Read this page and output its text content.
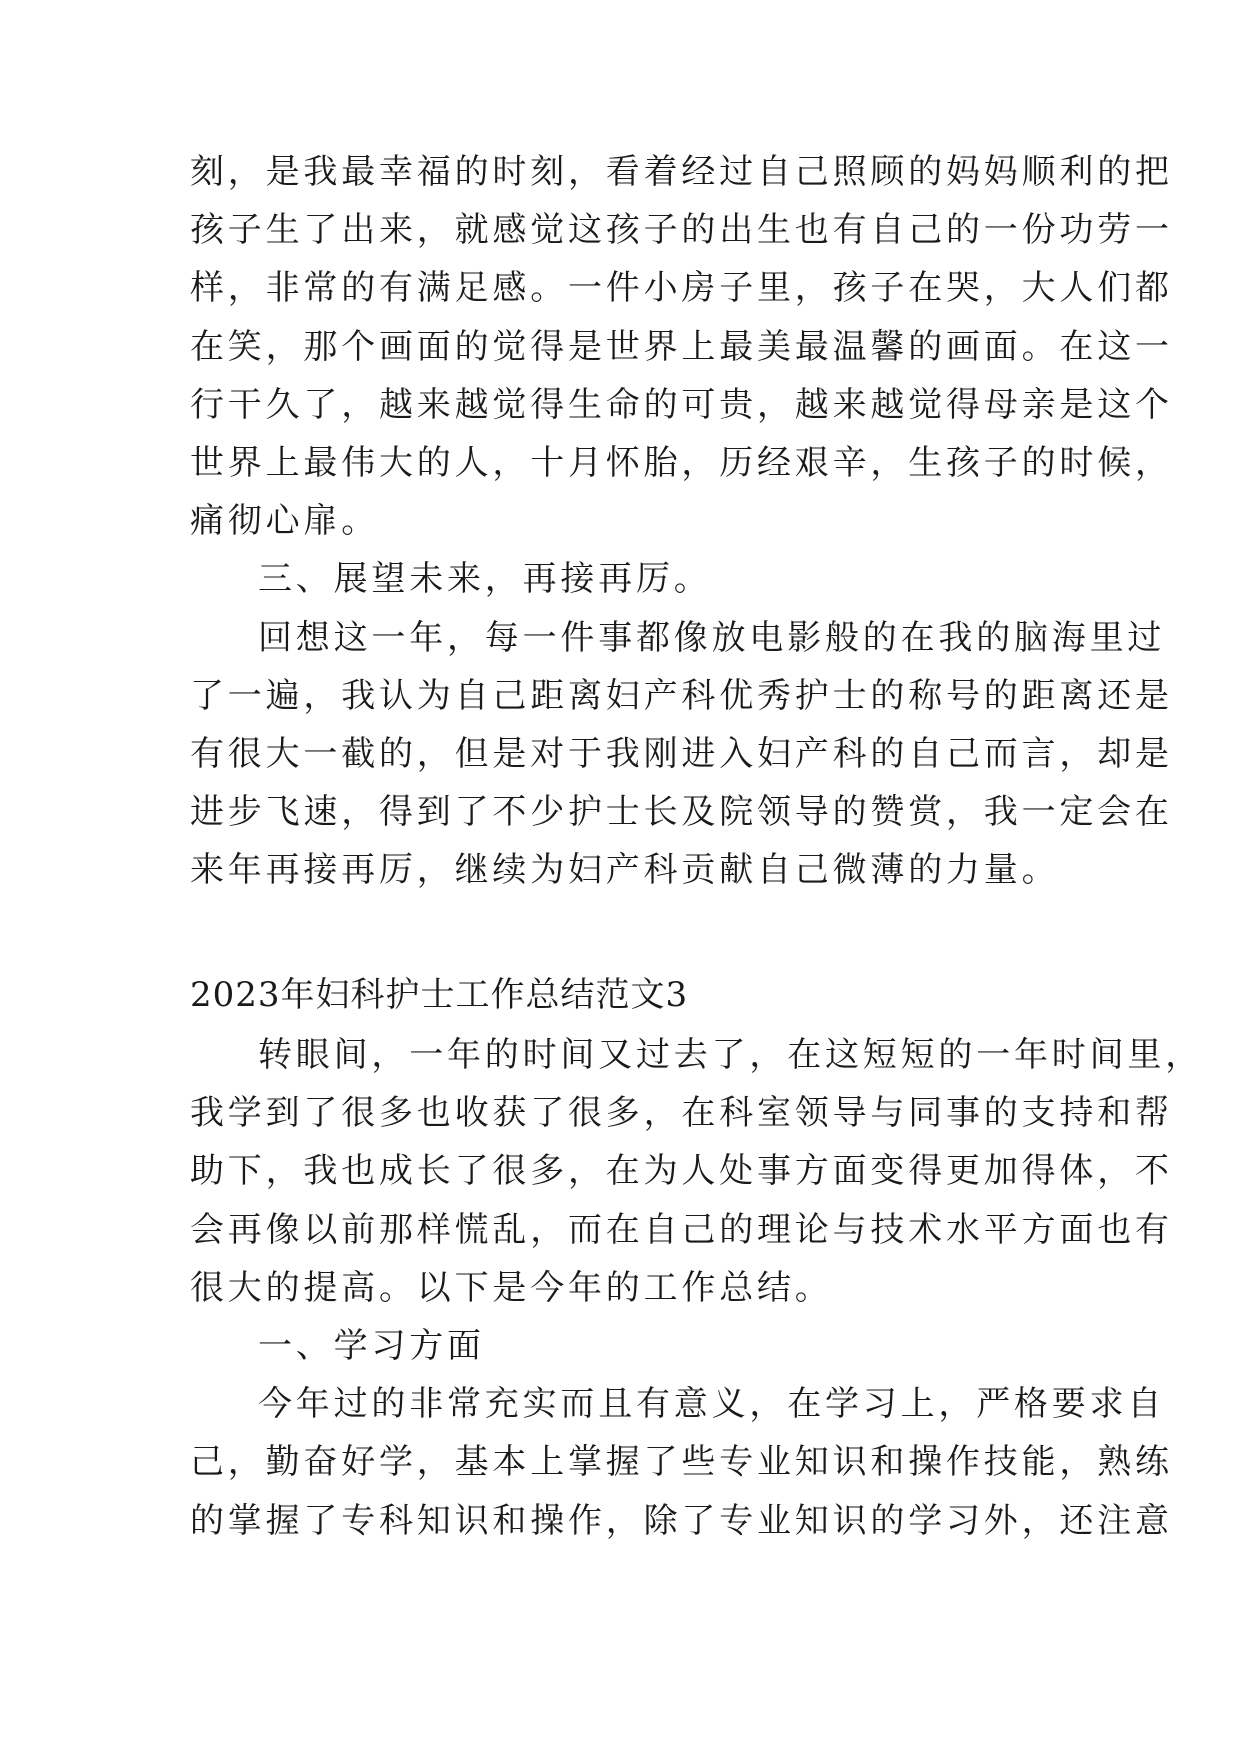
刻，是我最幸福的时刻，看着经过自己照顾的妈妈顺利的把
孩子生了出来，就感觉这孩子的出生也有自己的一份功劳一
样，非常的有满足感。一件小房子里，孩子在哭，大人们都
在笑，那个画面的觉得是世界上最美最温馨的画面。在这一
行干久了，越来越觉得生命的可贵，越来越觉得母亲是这个
世界上最伟大的人，十月怀胎，历经艰辛，生孩子的时候，
痛彻心扉。
三、展望未来，再接再厉。
回想这一年，每一件事都像放电影般的在我的脑海里过
了一遍，我认为自己距离妇产科优秀护士的称号的距离还是
有很大一截的，但是对于我刚进入妇产科的自己而言，却是
进步飞速，得到了不少护士长及院领导的赞赏，我一定会在
来年再接再厉，继续为妇产科贡献自己微薄的力量。
2023年妇科护士工作总结范文3
转眼间，一年的时间又过去了，在这短短的一年时间里，
我学到了很多也收获了很多，在科室领导与同事的支持和帮
助下，我也成长了很多，在为人处事方面变得更加得体，不
会再像以前那样慌乱，而在自己的理论与技术水平方面也有
很大的提高。以下是今年的工作总结。
一、学习方面
今年过的非常充实而且有意义，在学习上，严格要求自
己，勤奋好学，基本上掌握了些专业知识和操作技能，熟练
的掌握了专科知识和操作，除了专业知识的学习外，还注意
